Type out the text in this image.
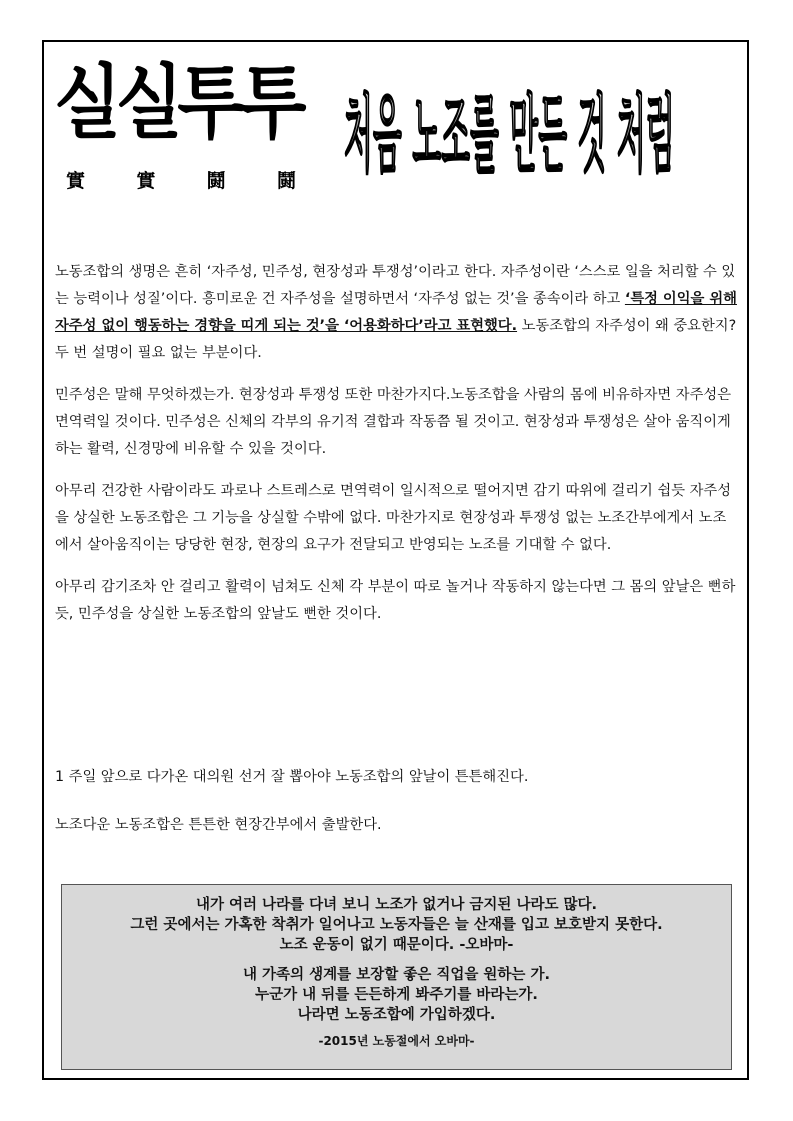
실실투투
實	實	鬪	鬪 처음 노조를 만든 것 처럼

노동조합의 생명은 흔히 ‘자주성, 민주성, 현장성과 투쟁성’이라고 한다. 자주성이란 ‘스스로 일을 처리할 수 있는 능력이나 성질’이다. 흥미로운 건 자주성을 설명하면서 ‘자주성 없는 것’을 종속이라 하고 ‘특정 이익을 위해 자주성 없이 행동하는 경향을 띠게 되는 것’을 ‘어용화하다’라고 표현했다. 노동조합의 자주성이 왜 중요한지? 두 번 설명이 필요 없는 부분이다.

민주성은 말해 무엇하겠는가. 현장성과 투쟁성 또한 마찬가지다.노동조합을 사람의 몸에 비유하자면 자주성은 면역력일 것이다. 민주성은 신체의 각부의 유기적 결합과 작동쯤 될 것이고. 현장성과 투쟁성은 살아 움직이게 하는 활력, 신경망에 비유할 수 있을 것이다.

아무리 건강한 사람이라도 과로나 스트레스로 면역력이 일시적으로 떨어지면 감기 따위에 걸리기 쉽듯 자주성을 상실한 노동조합은 그 기능을 상실할 수밖에 없다. 마찬가지로 현장성과 투쟁성 없는 노조간부에게서 노조에서 살아움직이는 당당한 현장, 현장의 요구가 전달되고 반영되는 노조를 기대할 수 없다.

아무리 감기조차 안 걸리고 활력이 넘쳐도 신체 각 부분이 따로 놀거나 작동하지 않는다면 그 몸의 앞날은 뻔하듯, 민주성을 상실한 노동조합의 앞날도 뻔한 것이다.

1 주일 앞으로 다가온 대의원 선거 잘 뽑아야 노동조합의 앞날이 튼튼해진다.

노조다운 노동조합은 튼튼한 현장간부에서 출발한다.

내가 여러 나라를 다녀 보니 노조가 없거나 금지된 나라도 많다.

그런 곳에서는 가혹한 착취가 일어나고 노동자들은 늘 산재를 입고 보호받지 못한다.

노조 운동이 없기 때문이다. -오바마-

내 가족의 생계를 보장할 좋은 직업을 원하는 가.

누군가 내 뒤를 든든하게 봐주기를 바라는가.

나라면 노동조합에 가입하겠다.

-2015년 노동절에서 오바마-
